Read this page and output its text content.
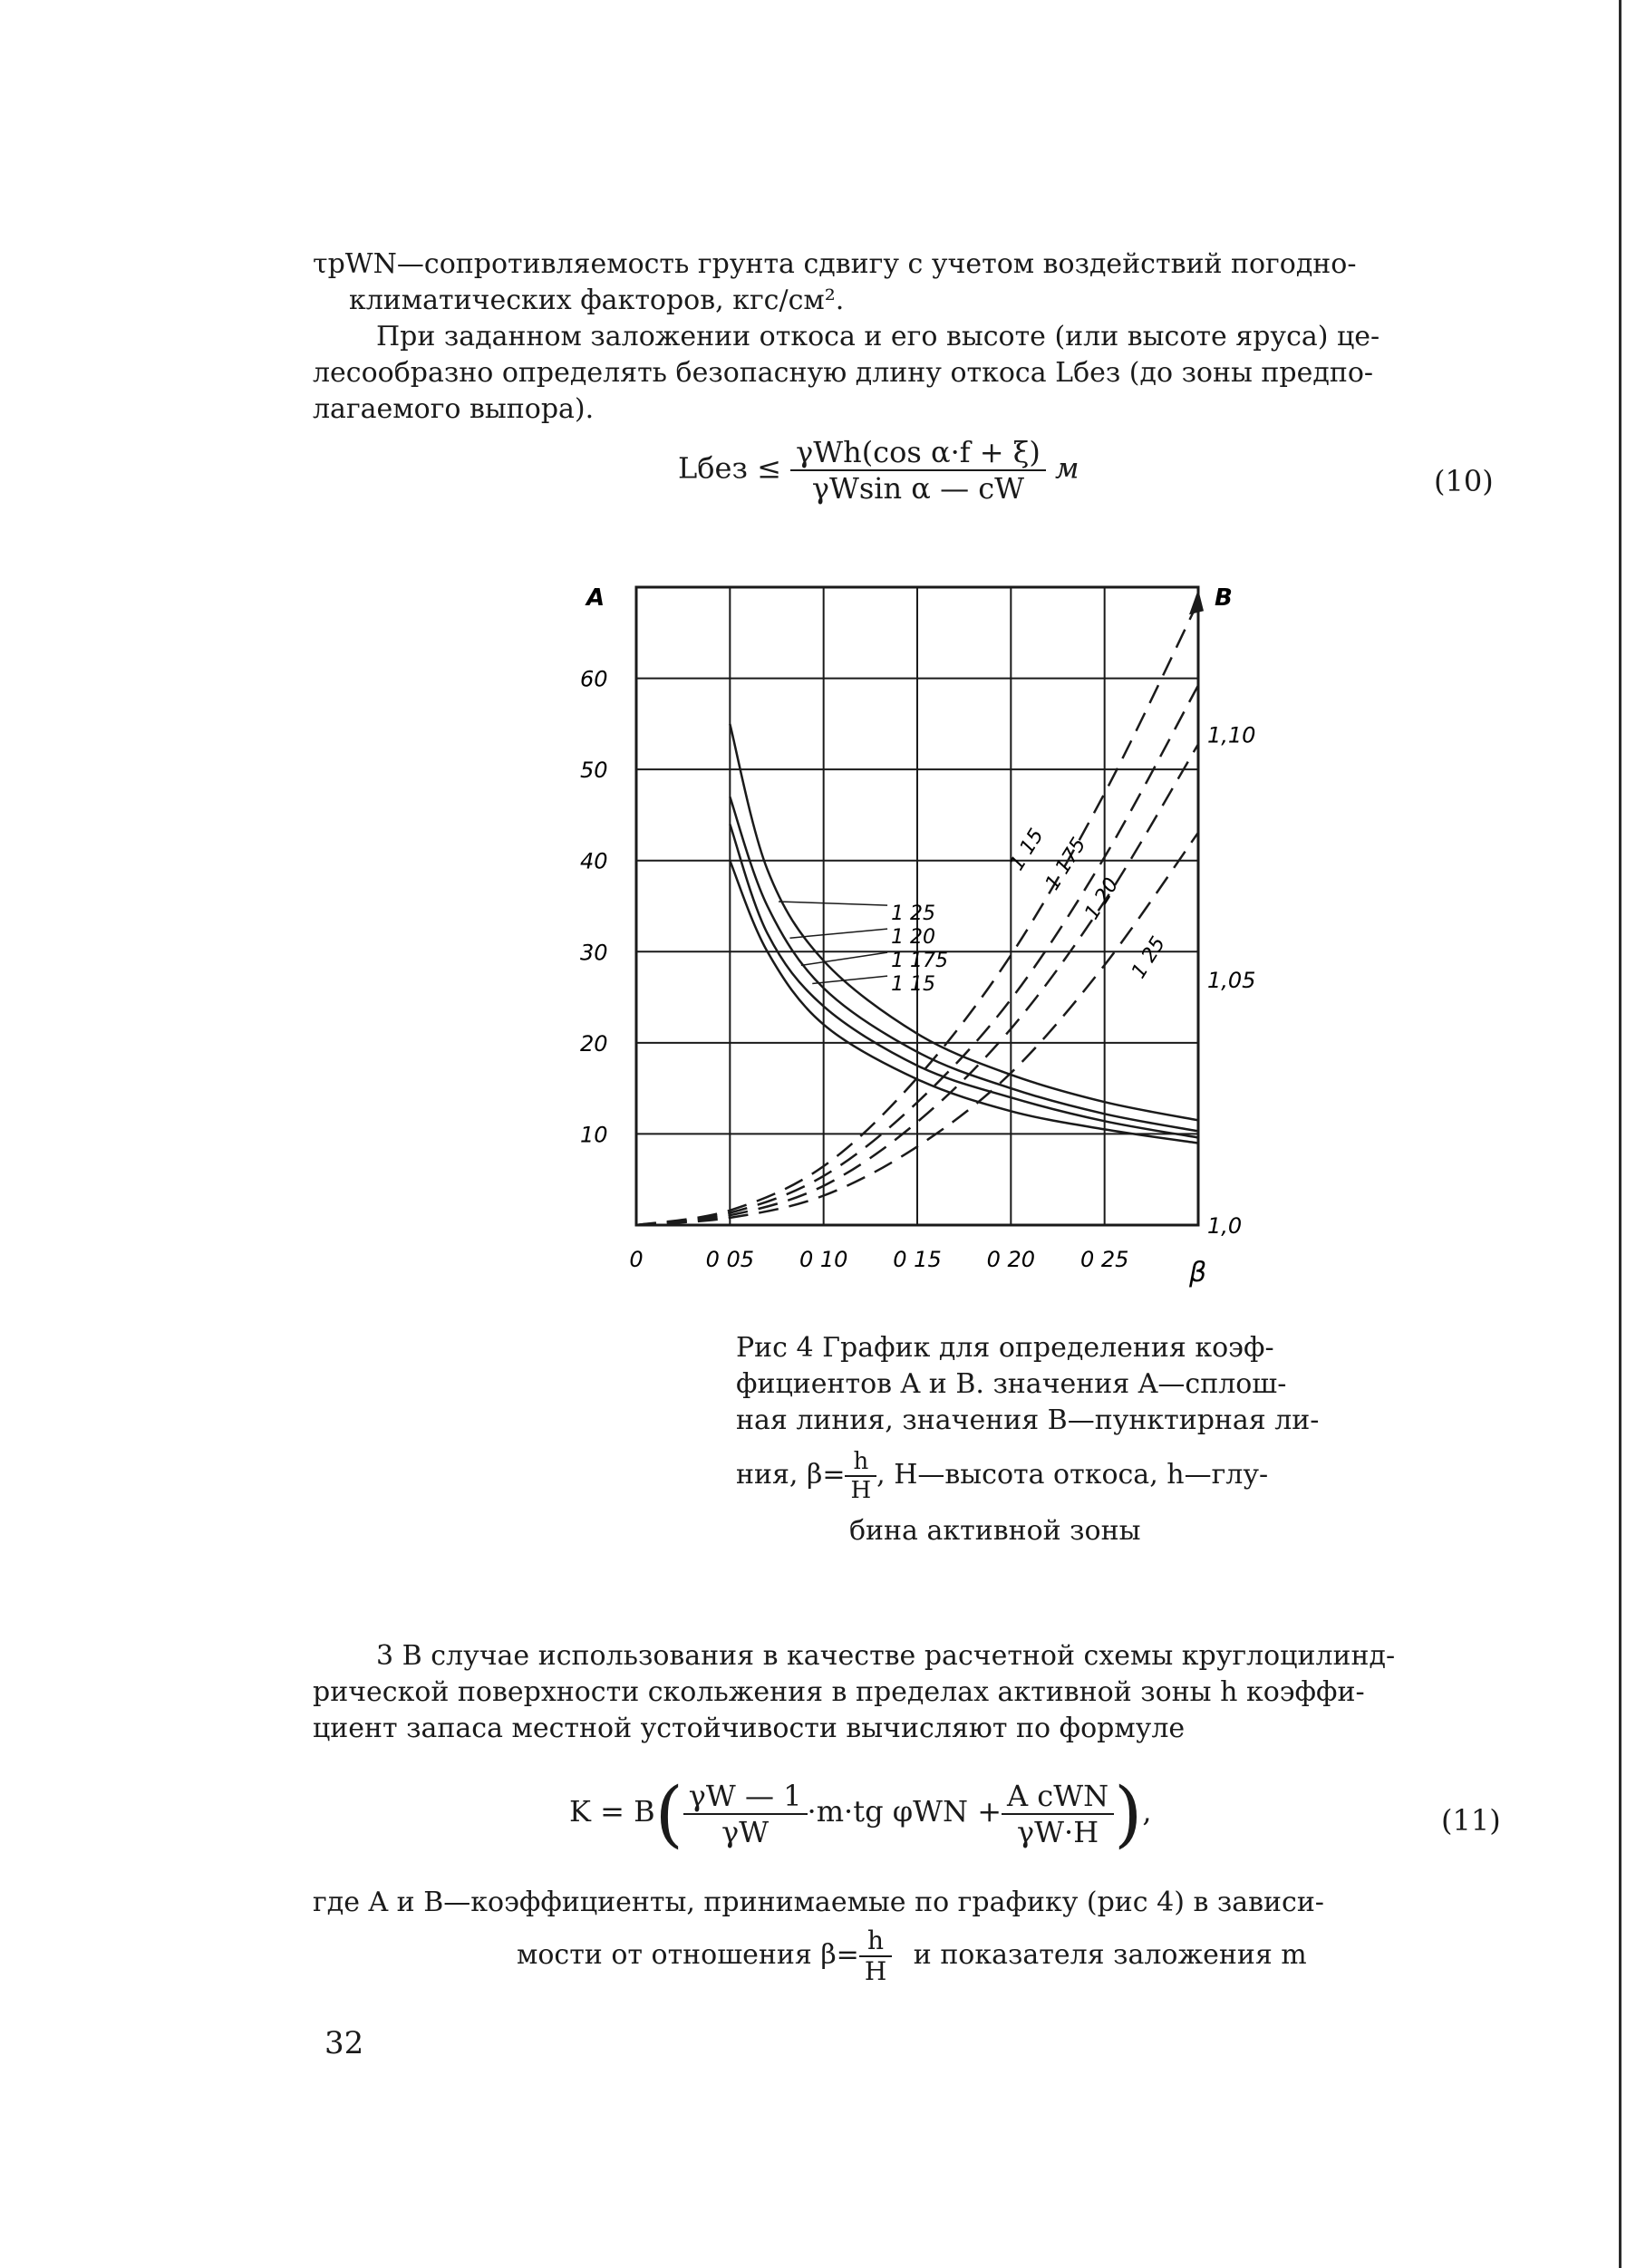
τpWN—сопротивляемость грунта сдвигу с учетом воздействий погодно-
климатических факторов, кгс/см².
При заданном заложении откоса и его высоте (или высоте яруса) це-
лесообразно определять безопасную длину откоса Lбез (до зоны предпо-
лагаемого выпора).
Lбез ≤ $\frac{\text{γWh(cos α·f + ξ)}}{\text{γWsin α — cW}}$ м	(10)
10
20
30
40
50
60
A
1,0
1,05
1,10
B
0	0 05 0 10 0 15 0 20 0 25 β
1 25
1 20
1 175
1 15
1 15
1 175
1 20
1 25
Рис 4 График для определения коэф-
фициентов A и B. значения A—сплош-
ная линия, значения B—пунктирная ли-
ния, $\beta= \frac{h}{H}$ , H—высота откоса, h—глу-
бина активной зоны
3 В случае использования в качестве расчетной схемы круглоцилинд-
рической поверхности скольжения в пределах активной зоны h коэффи-
циент запаса местной устойчивости вычисляют по формуле
$K = B( \frac{\gamma W — 1}{\gamma W} \cdot m\cdot tg$ $\varphi WN + \frac{\text{A cWN}}{\gamma W\cdot H}$ ),	(11)
где A и B—коэффициенты, принимаемые по графику (рис 4) в зависи-
мости от отношения $\beta= \frac{h}{H}$ и показателя заложения m
32
